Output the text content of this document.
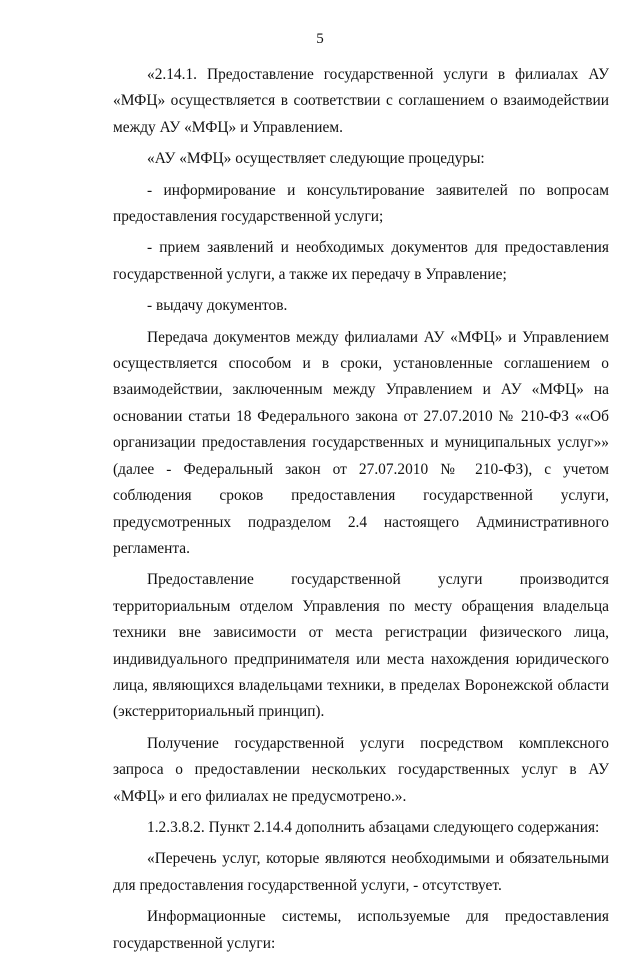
5

«2.14.1. Предоставление государственной услуги в филиалах АУ «МФЦ» осуществляется в соответствии с соглашением о взаимодействии между АУ «МФЦ» и Управлением.

«АУ «МФЦ» осуществляет следующие процедуры:

- информирование и консультирование заявителей по вопросам предоставления государственной услуги;

- прием заявлений и необходимых документов для предоставления государственной услуги, а также их передачу в Управление;

- выдачу документов.

Передача документов между филиалами АУ «МФЦ» и Управлением осуществляется способом и в сроки, установленные соглашением о взаимодействии, заключенным между Управлением и АУ «МФЦ» на основании статьи 18 Федерального закона от 27.07.2010 № 210-ФЗ ««Об организации предоставления государственных и муниципальных услуг»» (далее - Федеральный закон от 27.07.2010 № 210-ФЗ), с учетом соблюдения сроков предоставления государственной услуги, предусмотренных подразделом 2.4 настоящего Административного регламента.

Предоставление государственной услуги производится территориальным отделом Управления по месту обращения владельца техники вне зависимости от места регистрации физического лица, индивидуального предпринимателя или места нахождения юридического лица, являющихся владельцами техники, в пределах Воронежской области (экстерриториальный принцип).

Получение государственной услуги посредством комплексного запроса о предоставлении нескольких государственных услуг в АУ «МФЦ» и его филиалах не предусмотрено.».

1.2.3.8.2. Пункт 2.14.4 дополнить абзацами следующего содержания:

«Перечень услуг, которые являются необходимыми и обязательными для предоставления государственной услуги, - отсутствует.

Информационные системы, используемые для предоставления государственной услуги:
